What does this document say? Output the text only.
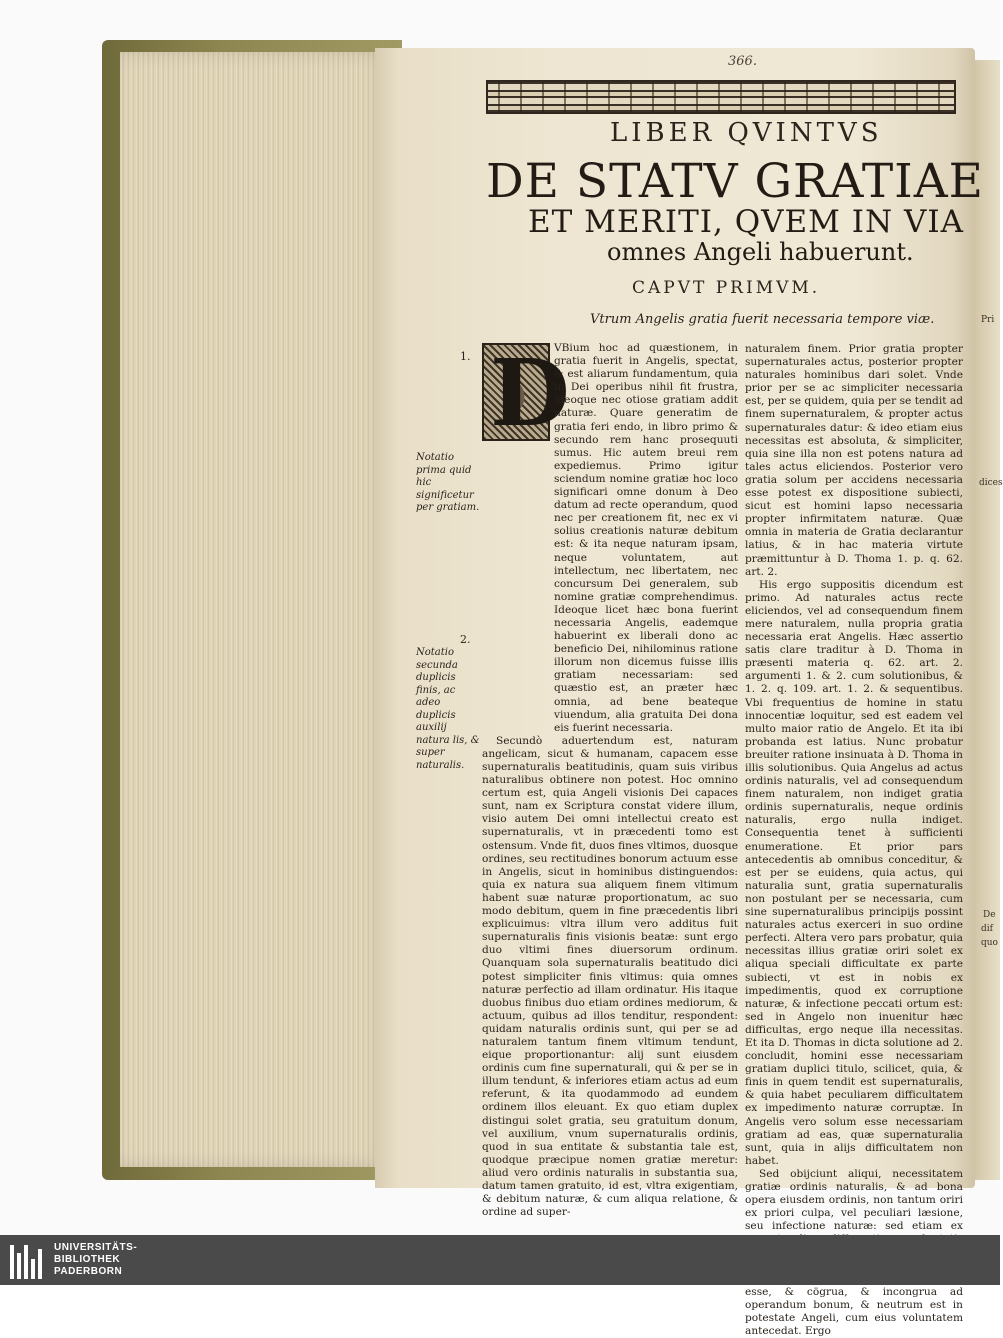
Pri
dices
De
dif
quo
366.
LIBER QVINTVS
DE STATV GRATIAE
ET MERITI, QVEM IN VIA
omnes Angeli habuerunt.
CAPVT PRIMVM.
Vtrum Angelis gratia fuerit necessaria tempore viæ.
1.
Notatio prima quid hic significetur per gratiam.
2.
Notatio secunda duplicis finis, ac adeo duplicis auxilij natura lis, & super naturalis.
D

VBium hoc ad quæstionem, in gratia fuerit in Angelis, spectat, & est aliarum fundamentum, quia in Dei operibus nihil fit frustra, ideoque nec otiose gratiam addit naturæ. Quare generatim de gratia feri endo, in libro primo & secundo rem hanc prosequuti sumus. Hic autem breui rem expediemus. Primo igitur sciendum nomine gratiæ hoc loco significari omne donum à Deo datum ad recte operandum, quod nec per creationem fit, nec ex vi solius creationis naturæ debitum est: & ita neque naturam ipsam, neque voluntatem, aut intellectum, nec libertatem, nec concursum Dei generalem, sub nomine gratiæ comprehendimus. Ideoque licet hæc bona fuerint necessaria Angelis, eademque habuerint ex liberali dono ac beneficio Dei, nihilominus ratione illorum non dicemus fuisse illis gratiam necessariam: sed quæstio est, an præter hæc omnia, ad bene beateque viuendum, alia gratuita Dei dona eis fuerint necessaria.

Secundò aduertendum est, naturam angelicam, sicut & humanam, capacem esse supernaturalis beatitudinis, quam suis viribus naturalibus obtinere non potest. Hoc omnino certum est, quia Angeli visionis Dei capaces sunt, nam ex Scriptura constat videre illum, visio autem Dei omni intellectui creato est supernaturalis, vt in præcedenti tomo est ostensum. Vnde fit, duos fines vltimos, duosque ordines, seu rectitudines bonorum actuum esse in Angelis, sicut in hominibus distinguendos: quia ex natura sua aliquem finem vltimum habent suæ naturæ proportionatum, ac suo modo debitum, quem in fine præcedentis libri explicuimus: vltra illum vero additus fuit supernaturalis finis visionis beatæ: sunt ergo duo vltimi fines diuersorum ordinum. Quanquam sola supernaturalis beatitudo dici potest simpliciter finis vltimus: quia omnes naturæ perfectio ad illam ordinatur. His itaque duobus finibus duo etiam ordines mediorum, & actuum, quibus ad illos tenditur, respondent: quidam naturalis ordinis sunt, qui per se ad naturalem tantum finem vltimum tendunt, eique proportionantur: alij sunt eiusdem ordinis cum fine supernaturali, qui & per se in illum tendunt, & inferiores etiam actus ad eum referunt, & ita quodammodo ad eundem ordinem illos eleuant. Ex quo etiam duplex distingui solet gratia, seu gratuitum donum, vel auxilium, vnum supernaturalis ordinis, quod in sua entitate & substantia tale est, quodque præcipue nomen gratiæ meretur: aliud vero ordinis naturalis in substantia sua, datum tamen gratuito, id est, vltra exigentiam, & debitum naturæ, & cum aliqua relatione, & ordine ad super-

naturalem finem. Prior gratia propter supernaturales actus, posterior propter naturales hominibus dari solet. Vnde prior per se ac simpliciter necessaria est, per se quidem, quia per se tendit ad finem supernaturalem, & propter actus supernaturales datur: & ideo etiam eius necessitas est absoluta, & simpliciter, quia sine illa non est potens natura ad tales actus eliciendos. Posterior vero gratia solum per accidens necessaria esse potest ex dispositione subiecti, sicut est homini lapso necessaria propter infirmitatem naturæ. Quæ omnia in materia de Gratia declarantur latius, & in hac materia virtute præmittuntur à D. Thoma 1. p. q. 62. art. 2.

His ergo suppositis dicendum est primo. Ad naturales actus recte eliciendos, vel ad consequendum finem mere naturalem, nulla propria gratia necessaria erat Angelis. Hæc assertio satis clare traditur à D. Thoma in præsenti materia q. 62. art. 2. argumenti 1. & 2. cum solutionibus, & 1. 2. q. 109. art. 1. 2. & sequentibus. Vbi frequentius de homine in statu innocentiæ loquitur, sed est eadem vel multo maior ratio de Angelo. Et ita ibi probanda est latius. Nunc probatur breuiter ratione insinuata à D. Thoma in illis solutionibus. Quia Angelus ad actus ordinis naturalis, vel ad consequendum finem naturalem, non indiget gratia ordinis supernaturalis, neque ordinis naturalis, ergo nulla indiget. Consequentia tenet à sufficienti enumeratione. Et prior pars antecedentis ab omnibus conceditur, & est per se euidens, quia actus, qui naturalia sunt, gratia supernaturalis non postulant per se necessaria, cum sine supernaturalibus principijs possint naturales actus exerceri in suo ordine perfecti. Altera vero pars probatur, quia necessitas illius gratiæ oriri solet ex aliqua speciali difficultate ex parte subiecti, vt est in nobis ex impedimentis, quod ex corruptione naturæ, & infectione peccati ortum est: sed in Angelo non inuenitur hæc difficultas, ergo neque illa necessitas. Et ita D. Thomas in dicta solutione ad 2. concludit, homini esse necessariam gratiam duplici titulo, scilicet, quia, & finis in quem tendit est supernaturalis, & quia habet peculiarem difficultatem ex impedimento naturæ corruptæ. In Angelis vero solum esse necessariam gratiam ad eas, quæ supernaturalia sunt, quia in alijs difficultatem non habet.

Sed obijciunt aliqui, necessitatem gratiæ ordinis naturalis, & ad bona opera eiusdem ordinis, non tantum oriri ex priori culpa, vel peculiari læsione, seu infectione naturæ: sed etiam ex esse, & cögrua, & incongrua ad operandum bonum, & neutrum est in potestate Angeli, cum eius voluntatem antecedat. Ergo

UNIVERSITÄTS-
BIBLIOTHEK
PADERBORN
